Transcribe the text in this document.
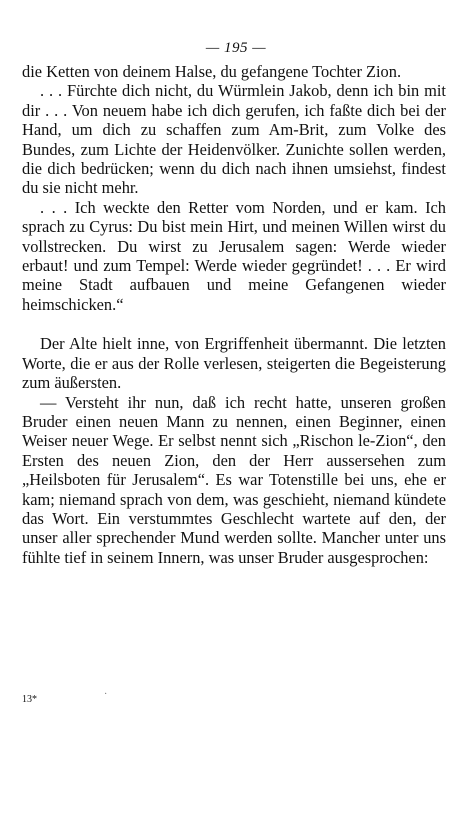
— 195 —

die Ketten von deinem Halse, du gefangene Tochter Zion.

. . . Fürchte dich nicht, du Würmlein Jakob, denn ich bin mit dir . . . Von neuem habe ich dich gerufen, ich faßte dich bei der Hand, um dich zu schaffen zum Am-Brit, zum Volke des Bundes, zum Lichte der Heidenvölker. Zunichte sollen werden, die dich bedrücken; wenn du dich nach ihnen umsiehst, findest du sie nicht mehr.

. . . Ich weckte den Retter vom Norden, und er kam. Ich sprach zu Cyrus: Du bist mein Hirt, und meinen Willen wirst du vollstrecken. Du wirst zu Jerusalem sagen: Werde wieder erbaut! und zum Tempel: Werde wieder gegründet! . . . Er wird meine Stadt aufbauen und meine Gefangenen wieder heimschicken.“

Der Alte hielt inne, von Ergriffenheit übermannt. Die letzten Worte, die er aus der Rolle verlesen, steigerten die Begeisterung zum äußersten.

— Versteht ihr nun, daß ich recht hatte, unseren großen Bruder einen neuen Mann zu nennen, einen Beginner, einen Weiser neuer Wege. Er selbst nennt sich „Rischon le-Zion“, den Ersten des neuen Zion, den der Herr aussersehen zum „Heilsboten für Jerusalem“. Es war Totenstille bei uns, ehe er kam; niemand sprach von dem, was geschieht, niemand kündete das Wort. Ein verstummtes Geschlecht wartete auf den, der unser aller sprechender Mund werden sollte. Mancher unter uns fühlte tief in seinem Innern, was unser Bruder ausgesprochen:

13*	·
